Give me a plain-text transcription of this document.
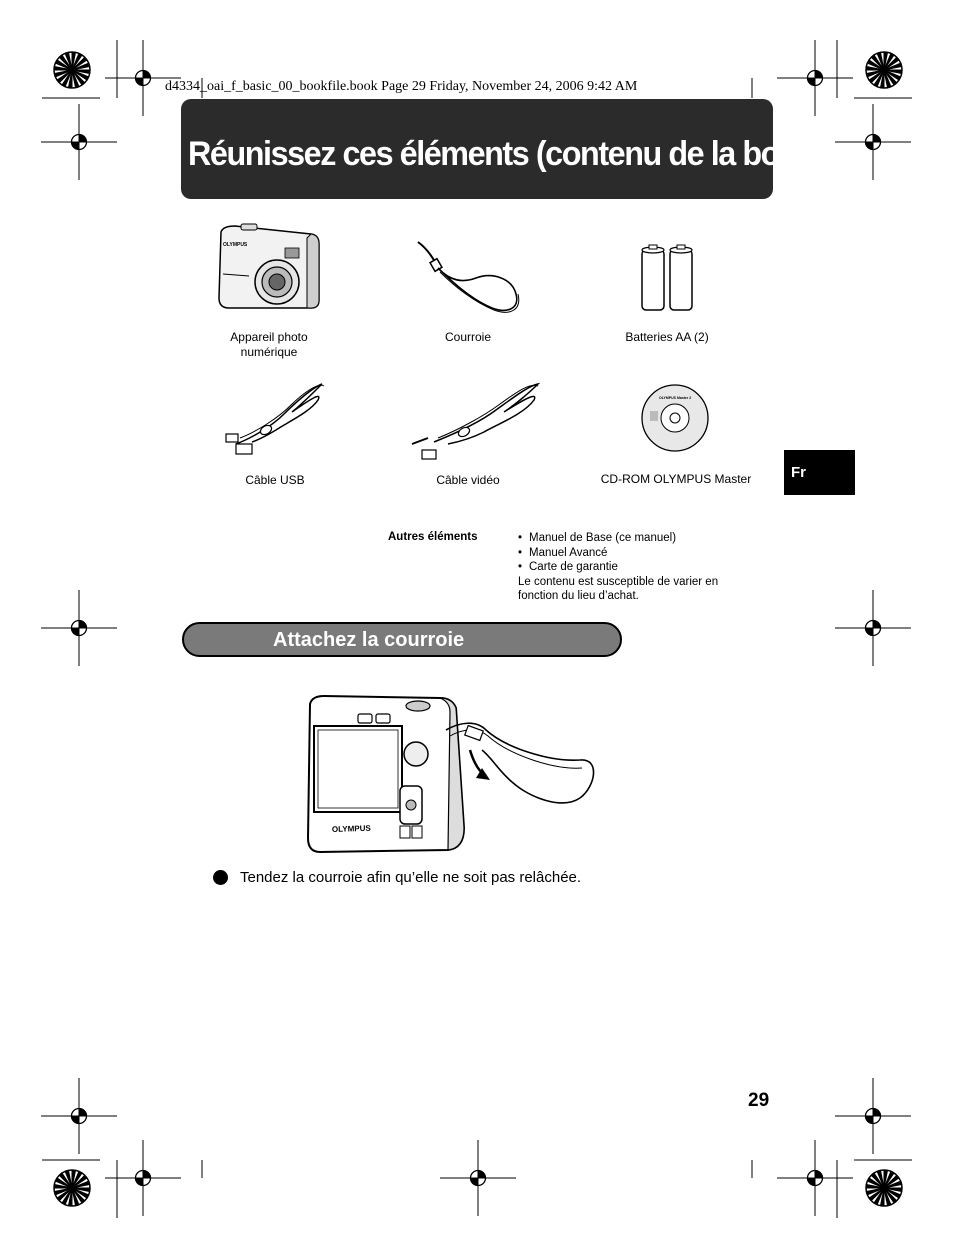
d4334_oai_f_basic_00_bookfile.book Page 29 Friday, November 24, 2006 9:42 AM
Réunissez ces éléments (contenu de la boîte)
OLYMPUS
Appareil photo numérique
Courroie	Batteries AA (2)
Câble USB	Câble vidéo
OLYMPUS Master 2
CD-ROM OLYMPUS Master	Fr
Autres éléments
•	Manuel de Base (ce manuel)
• Manuel Avancé
• Carte de garantie
Le contenu est susceptible de varier en fonction du lieu d’achat.
Attachez la courroie
OLYMPUS
Tendez la courroie afin qu’elle ne soit pas relâchée.
29
